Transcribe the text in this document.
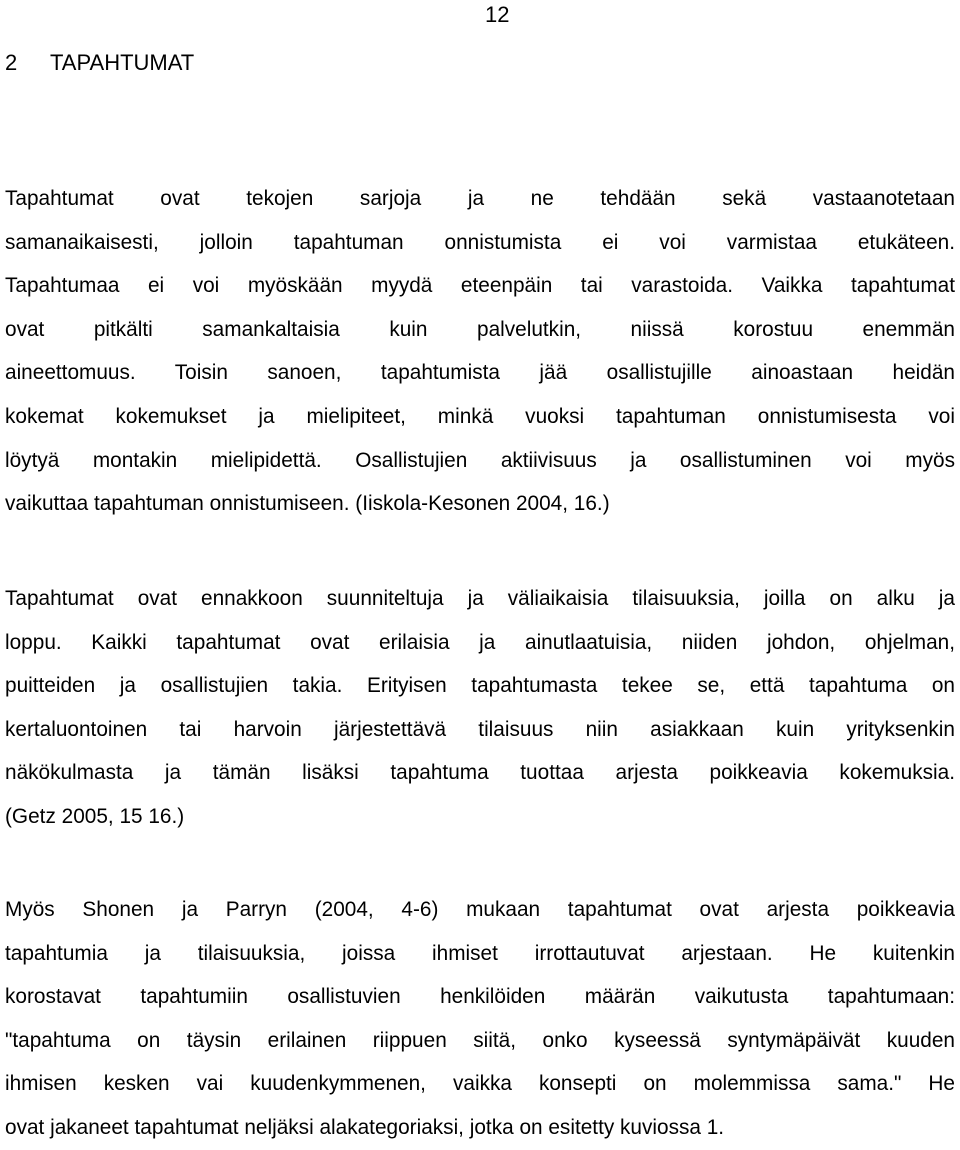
12
2 TAPAHTUMAT

Tapahtumat ovat tekojen sarjoja ja ne tehdään sekä vastaanotetaan
samanaikaisesti, jolloin tapahtuman onnistumista ei voi varmistaa etukäteen.
Tapahtumaa ei voi myöskään myydä eteenpäin tai varastoida. Vaikka tapahtumat
ovat pitkälti samankaltaisia kuin palvelutkin, niissä korostuu enemmän
aineettomuus. Toisin sanoen, tapahtumista jää osallistujille ainoastaan heidän
kokemat kokemukset ja mielipiteet, minkä vuoksi tapahtuman onnistumisesta voi
löytyä montakin mielipidettä. Osallistujien aktiivisuus ja osallistuminen voi myös
vaikuttaa tapahtuman onnistumiseen. (Iiskola-Kesonen 2004, 16.)

Tapahtumat ovat ennakkoon suunniteltuja ja väliaikaisia tilaisuuksia, joilla on alku ja
loppu. Kaikki tapahtumat ovat erilaisia ja ainutlaatuisia, niiden johdon, ohjelman,
puitteiden ja osallistujien takia. Erityisen tapahtumasta tekee se, että tapahtuma on
kertaluontoinen tai harvoin järjestettävä tilaisuus niin asiakkaan kuin yrityksenkin
näkökulmasta ja tämän lisäksi tapahtuma tuottaa arjesta poikkeavia kokemuksia.
(Getz 2005, 15 16.)

Myös Shonen ja Parryn (2004, 4-6) mukaan tapahtumat ovat arjesta poikkeavia
tapahtumia ja tilaisuuksia, joissa ihmiset irrottautuvat arjestaan. He kuitenkin
korostavat tapahtumiin osallistuvien henkilöiden määrän vaikutusta tapahtumaan:
"tapahtuma on täysin erilainen riippuen siitä, onko kyseessä syntymäpäivät kuuden
ihmisen kesken vai kuudenkymmenen, vaikka konsepti on molemmissa sama." He
ovat jakaneet tapahtumat neljäksi alakategoriaksi, jotka on esitetty kuviossa 1.
